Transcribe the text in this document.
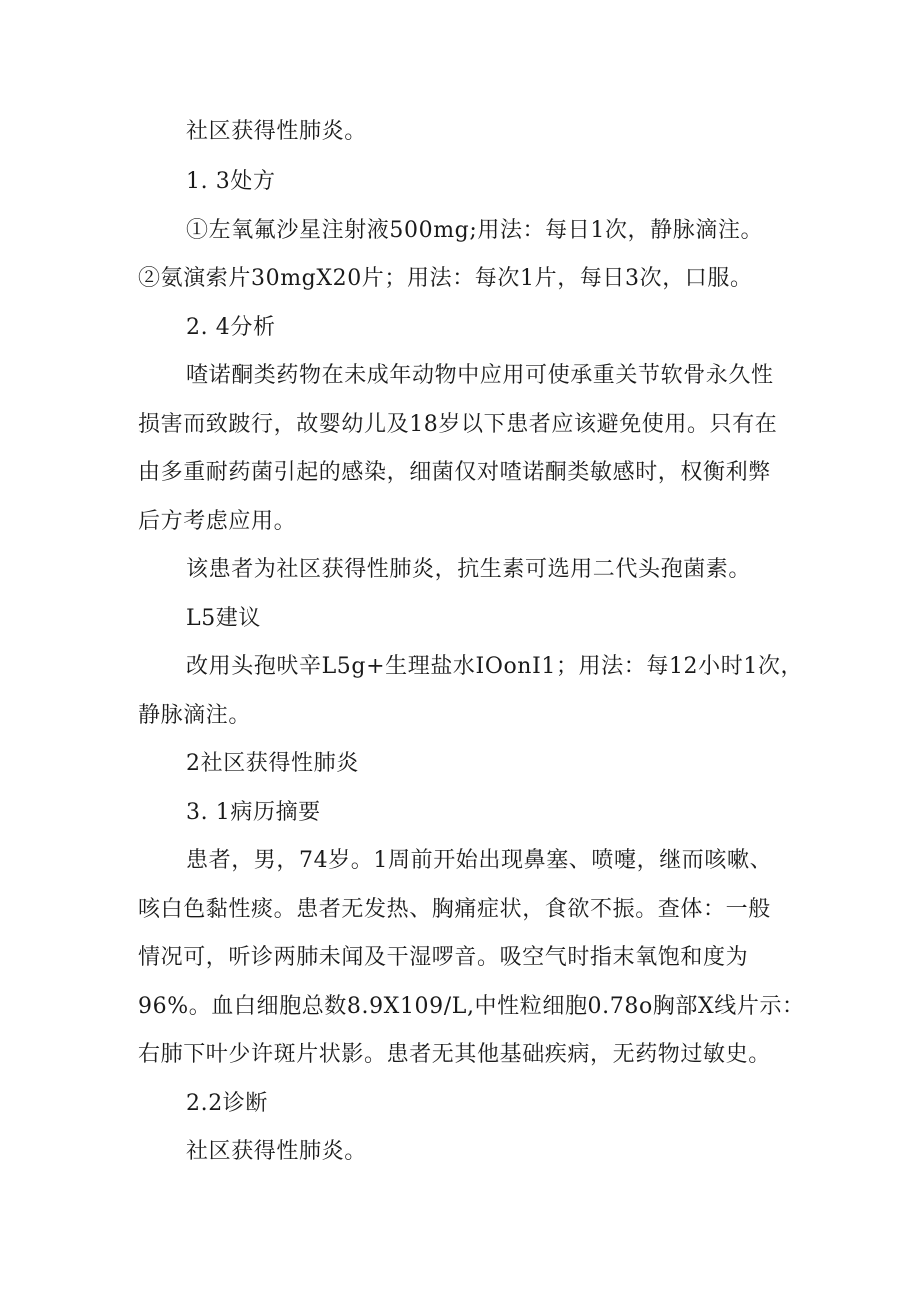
社区获得性肺炎。
1. 3处方
①左氧氟沙星注射液500mg;用法：每日1次，静脉滴注。
②氨演索片30mgX20片；用法：每次1片，每日3次，口服。
2. 4分析
喳诺酮类药物在未成年动物中应用可使承重关节软骨永久性
损害而致跛行，故婴幼儿及18岁以下患者应该避免使用。只有在
由多重耐药菌引起的感染，细菌仅对喳诺酮类敏感时，权衡利弊
后方考虑应用。
该患者为社区获得性肺炎，抗生素可选用二代头孢菌素。
L5建议
改用头孢吠辛L5g+生理盐水IOonI1；用法：每12小时1次，
静脉滴注。
2社区获得性肺炎
3. 1病历摘要
患者，男，74岁。1周前开始出现鼻塞、喷嚏，继而咳嗽、
咳白色黏性痰。患者无发热、胸痛症状，食欲不振。查体：一般
情况可，听诊两肺未闻及干湿啰音。吸空气时指末氧饱和度为
96%。血白细胞总数8.9X109/L,中性粒细胞0.78o胸部X线片示：
右肺下叶少许斑片状影。患者无其他基础疾病，无药物过敏史。
2.2诊断
社区获得性肺炎。
